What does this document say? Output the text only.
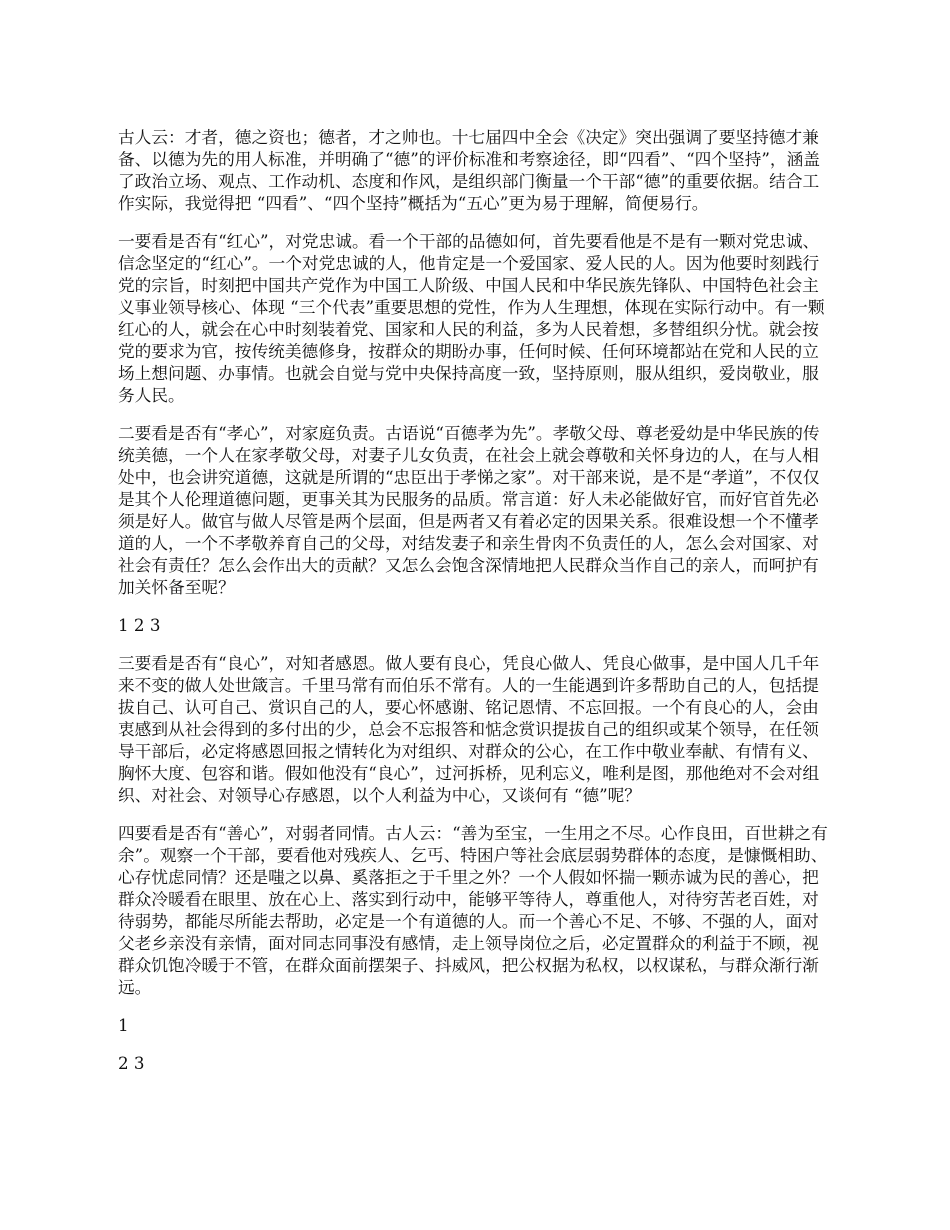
古人云：才者，德之资也；德者，才之帅也。十七届四中全会《决定》突出强调了要坚持德才兼备、以德为先的用人标准，并明确了“德”的评价标准和考察途径，即“四看”、“四个坚持”，涵盖了政治立场、观点、工作动机、态度和作风，是组织部门衡量一个干部“德”的重要依据。结合工作实际，我觉得把 “四看”、“四个坚持”概括为“五心”更为易于理解，简便易行。

一要看是否有“红心”，对党忠诚。看一个干部的品德如何，首先要看他是不是有一颗对党忠诚、信念坚定的“红心”。一个对党忠诚的人，他肯定是一个爱国家、爱人民的人。因为他要时刻践行党的宗旨，时刻把中国共产党作为中国工人阶级、中国人民和中华民族先锋队、中国特色社会主义事业领导核心、体现 “三个代表”重要思想的党性，作为人生理想，体现在实际行动中。有一颗红心的人，就会在心中时刻装着党、国家和人民的利益，多为人民着想，多替组织分忧。就会按党的要求为官，按传统美德修身，按群众的期盼办事，任何时候、任何环境都站在党和人民的立场上想问题、办事情。也就会自觉与党中央保持高度一致，坚持原则，服从组织，爱岗敬业，服务人民。

二要看是否有“孝心”，对家庭负责。古语说“百德孝为先”。孝敬父母、尊老爱幼是中华民族的传统美德，一个人在家孝敬父母，对妻子儿女负责，在社会上就会尊敬和关怀身边的人，在与人相处中，也会讲究道德，这就是所谓的“忠臣出于孝悌之家”。对干部来说，是不是“孝道”，不仅仅是其个人伦理道德问题，更事关其为民服务的品质。常言道：好人未必能做好官，而好官首先必须是好人。做官与做人尽管是两个层面，但是两者又有着必定的因果关系。很难设想一个不懂孝道的人，一个不孝敬养育自己的父母，对结发妻子和亲生骨肉不负责任的人，怎么会对国家、对社会有责任？怎么会作出大的贡献？又怎么会饱含深情地把人民群众当作自己的亲人，而呵护有加关怀备至呢？

1 2 3

三要看是否有“良心”，对知者感恩。做人要有良心，凭良心做人、凭良心做事，是中国人几千年来不变的做人处世箴言。千里马常有而伯乐不常有。人的一生能遇到许多帮助自己的人，包括提拔自己、认可自己、赏识自己的人，要心怀感谢、铭记恩情、不忘回报。一个有良心的人，会由衷感到从社会得到的多付出的少，总会不忘报答和惦念赏识提拔自己的组织或某个领导，在任领导干部后，必定将感恩回报之情转化为对组织、对群众的公心，在工作中敬业奉献、有情有义、胸怀大度、包容和谐。假如他没有“良心”，过河拆桥，见利忘义，唯利是图，那他绝对不会对组织、对社会、对领导心存感恩，以个人利益为中心，又谈何有 “德”呢？

四要看是否有“善心”，对弱者同情。古人云：“善为至宝，一生用之不尽。心作良田，百世耕之有余”。观察一个干部，要看他对残疾人、乞丐、特困户等社会底层弱势群体的态度，是慷慨相助、心存忧虑同情？还是嗤之以鼻、奚落拒之于千里之外？一个人假如怀揣一颗赤诚为民的善心，把群众冷暖看在眼里、放在心上、落实到行动中，能够平等待人，尊重他人，对待穷苦老百姓，对待弱势，都能尽所能去帮助，必定是一个有道德的人。而一个善心不足、不够、不强的人，面对父老乡亲没有亲情，面对同志同事没有感情，走上领导岗位之后，必定置群众的利益于不顾，视群众饥饱冷暖于不管，在群众面前摆架子、抖威风，把公权据为私权，以权谋私，与群众渐行渐远。

1

2 3
